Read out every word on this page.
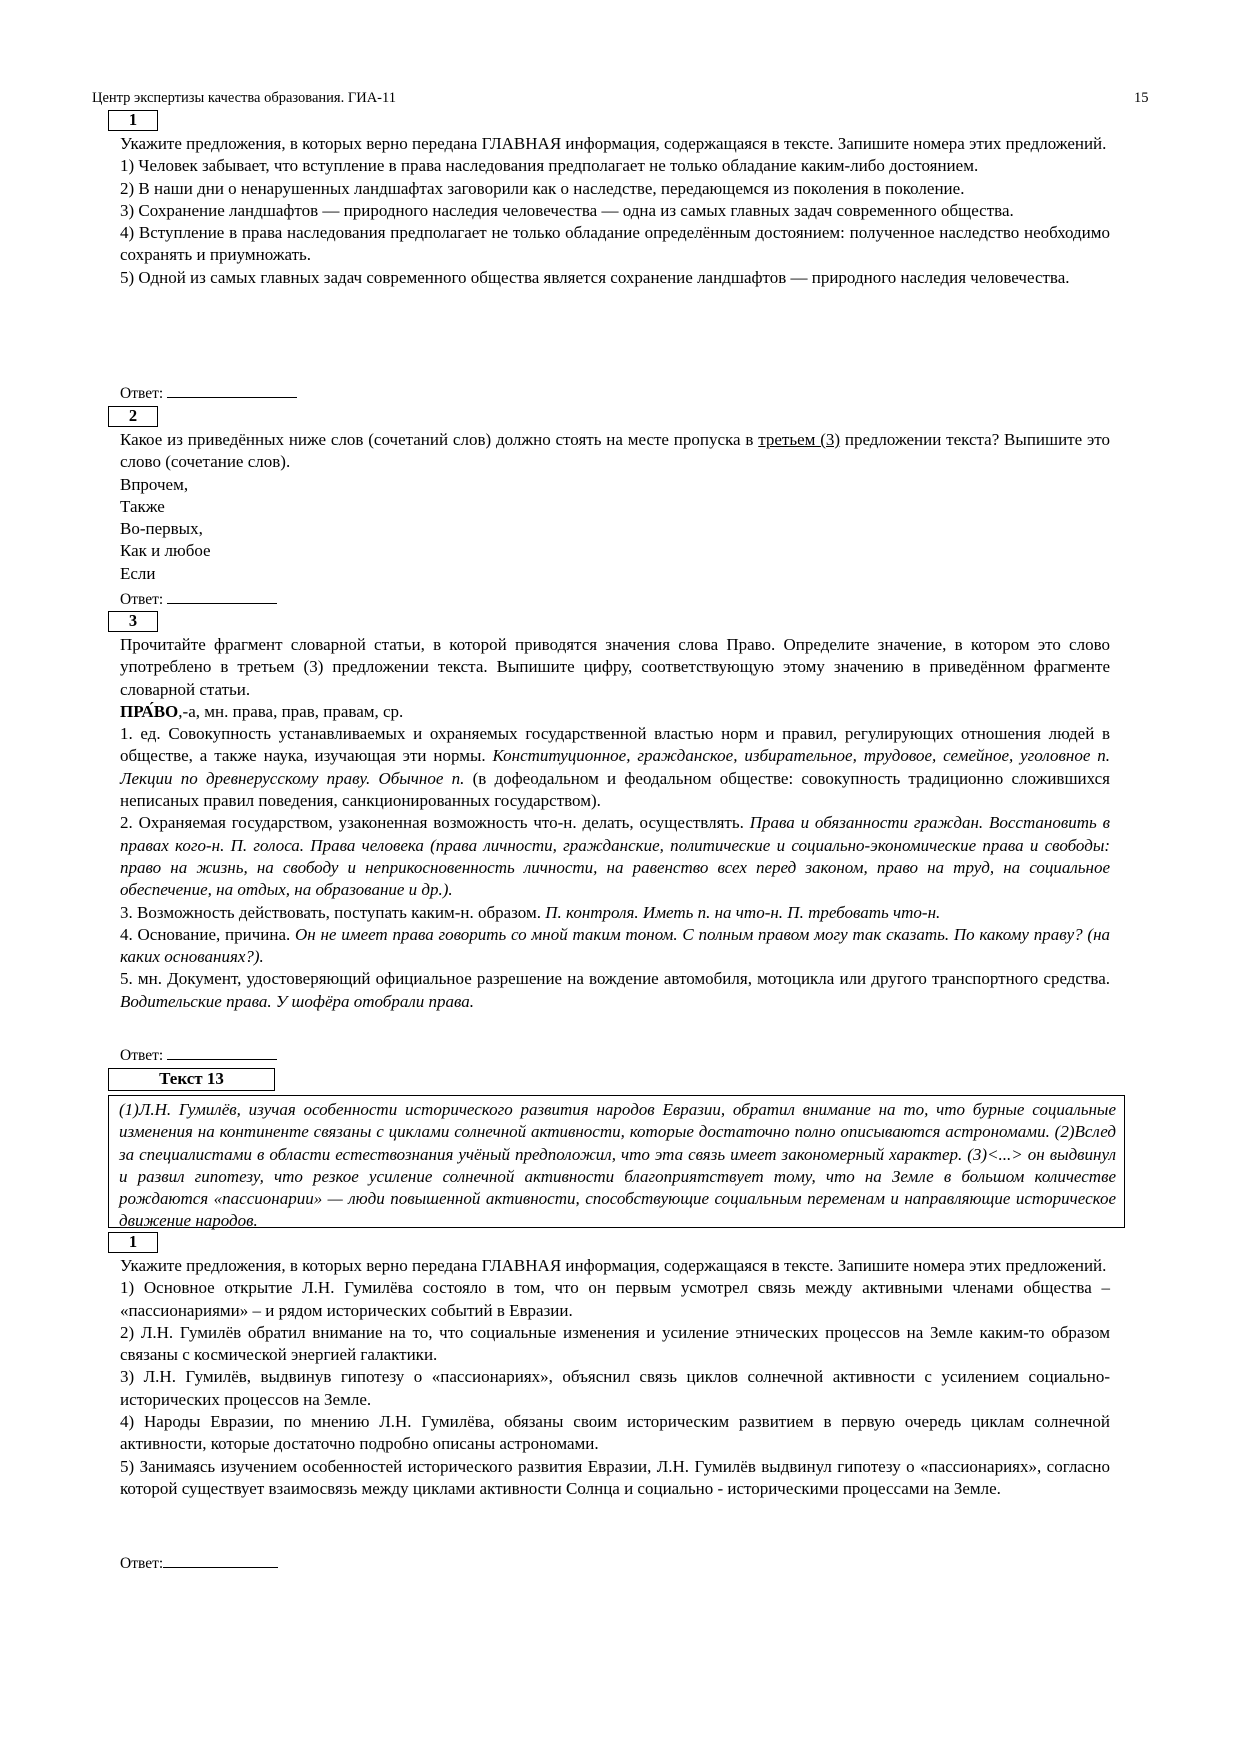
Центр экспертизы качества образования. ГИА-11	15
1

Укажите предложения, в которых верно передана ГЛАВНАЯ информация, содержащаяся в тексте. Запишите номера этих предложений.

1) Человек забывает, что вступление в права наследования предполагает не только обладание каким-либо достоянием.

2) В наши дни о ненарушенных ландшафтах заговорили как о наследстве, передающемся из поколения в поколение.

3) Сохранение ландшафтов — природного наследия человечества — одна из самых главных задач современного общества.

4) Вступление в права наследования предполагает не только обладание определённым достоянием: полученное наследство необходимо сохранять и приумножать.

5) Одной из самых главных задач современного общества является сохранение ландшафтов — природного наследия человечества.

Ответ:
2

Какое из приведённых ниже слов (сочетаний слов) должно стоять на месте пропуска в третьем (3) предложении текста? Выпишите это слово (сочетание слов).

Впрочем,

Также

Во-первых,

Как и любое

Если

Ответ:
3

Прочитайте фрагмент словарной статьи, в которой приводятся значения слова Право. Определите значение, в котором это слово употреблено в третьем (3) предложении текста. Выпишите цифру, соответствующую этому значению в приведённом фрагменте словарной статьи.

ПРА́ВО,-а, мн. права, прав, правам, ср.

1. ед. Совокупность устанавливаемых и охраняемых государственной властью норм и правил, регулирующих отношения людей в обществе, а также наука, изучающая эти нормы. Конституционное, гражданское, избирательное, трудовое, семейное, уголовное п. Лекции по древнерусскому праву. Обычное п. (в дофеодальном и феодальном обществе: совокупность традиционно сложившихся неписаных правил поведения, санкционированных государством).

2. Охраняемая государством, узаконенная возможность что-н. делать, осуществлять. Права и обязанности граждан. Восстановить в правах кого-н. П. голоса. Права человека (права личности, гражданские, политические и социально-экономические права и свободы: право на жизнь, на свободу и неприкосновенность личности, на равенство всех перед законом, право на труд, на социальное обеспечение, на отдых, на образование и др.).

3. Возможность действовать, поступать каким-н. образом. П. контроля. Иметь п. на что-н. П. требовать что-н.

4. Основание, причина. Он не имеет права говорить со мной таким тоном. С полным правом могу так сказать. По какому праву? (на каких основаниях?).

5. мн. Документ, удостоверяющий официальное разрешение на вождение автомобиля, мотоцикла или другого транспортного средства. Водительские права. У шофёра отобрали права.

Ответ:
Текст 13
(1)Л.Н. Гумилёв, изучая особенности исторического развития народов Евразии, обратил внимание на то, что бурные социальные изменения на континенте связаны с циклами солнечной активности, которые достаточно полно описываются астрономами. (2)Вслед за специалистами в области естествознания учёный предположил, что эта связь имеет закономерный характер. (3)<...> он выдвинул и развил гипотезу, что резкое усиление солнечной активности благоприятствует тому, что на Земле в большом количестве рождаются «пассионарии» — люди повышенной активности, способствующие социальным переменам и направляющие историческое движение народов.
1

Укажите предложения, в которых верно передана ГЛАВНАЯ информация, содержащаяся в тексте. Запишите номера этих предложений.

1) Основное открытие Л.Н. Гумилёва состояло в том, что он первым усмотрел связь между активными членами общества – «пассионариями» – и рядом исторических событий в Евразии.

2) Л.Н. Гумилёв обратил внимание на то, что социальные изменения и усиление этнических процессов на Земле каким-то образом связаны с космической энергией галактики.

3) Л.Н. Гумилёв, выдвинув гипотезу о «пассионариях», объяснил связь циклов солнечной активности с усилением социально-исторических процессов на Земле.

4) Народы Евразии, по мнению Л.Н. Гумилёва, обязаны своим историческим развитием в первую очередь циклам солнечной активности, которые достаточно подробно описаны астрономами.

5) Занимаясь изучением особенностей исторического развития Евразии, Л.Н. Гумилёв выдвинул гипотезу о «пассионариях», согласно которой существует взаимосвязь между циклами активности Солнца и социально - историческими процессами на Земле.

Ответ:
